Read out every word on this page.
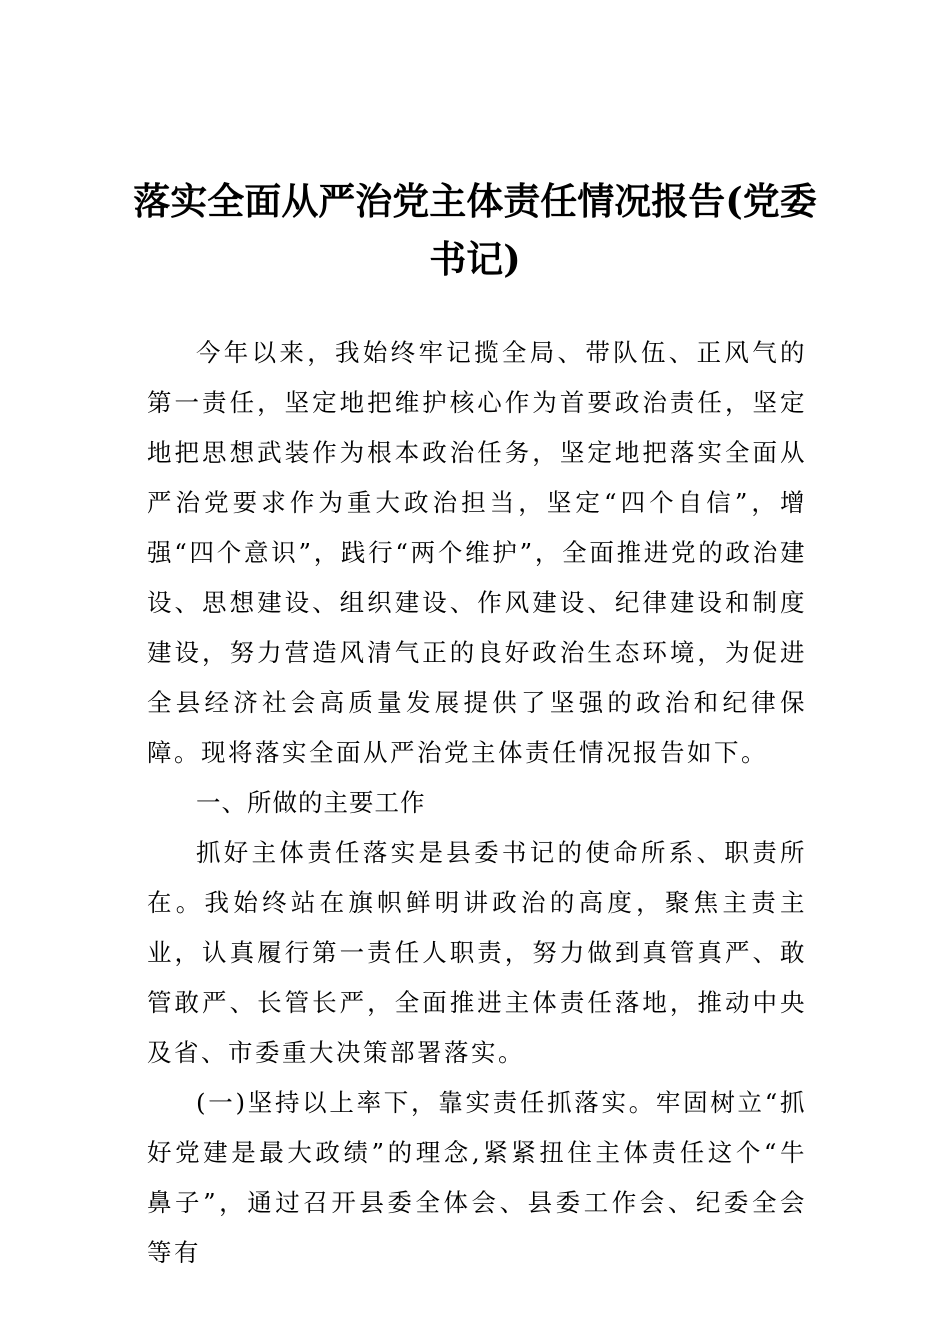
落实全面从严治党主体责任情况报告(党委
书记)

今年以来，我始终牢记揽全局、带队伍、正风气的第一责任，坚定地把维护核心作为首要政治责任，坚定地把思想武装作为根本政治任务，坚定地把落实全面从严治党要求作为重大政治担当，坚定“四个自信”，增强“四个意识”，践行“两个维护”，全面推进党的政治建设、思想建设、组织建设、作风建设、纪律建设和制度建设，努力营造风清气正的良好政治生态环境，为促进全县经济社会高质量发展提供了坚强的政治和纪律保障。现将落实全面从严治党主体责任情况报告如下。

一、所做的主要工作

抓好主体责任落实是县委书记的使命所系、职责所在。我始终站在旗帜鲜明讲政治的高度，聚焦主责主业，认真履行第一责任人职责，努力做到真管真严、敢管敢严、长管长严，全面推进主体责任落地，推动中央及省、市委重大决策部署落实。

(一)坚持以上率下，靠实责任抓落实。牢固树立“抓好党建是最大政绩”的理念,紧紧扭住主体责任这个“牛鼻子”，通过召开县委全体会、县委工作会、纪委全会等有
